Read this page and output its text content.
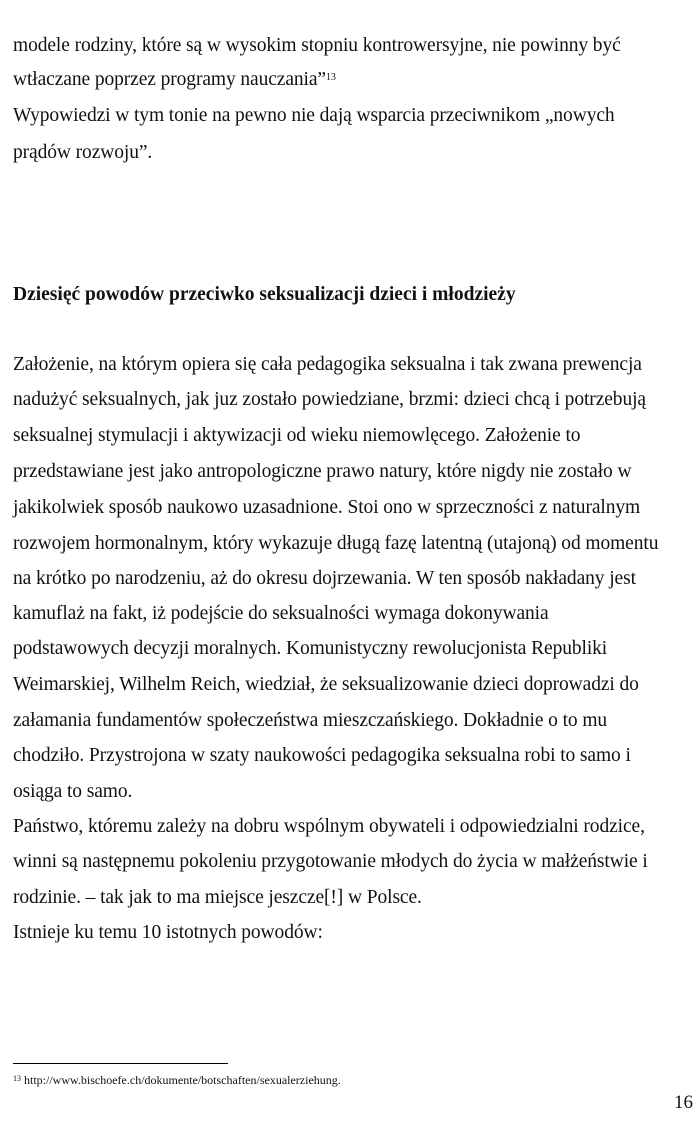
modele rodziny, które są w wysokim stopniu kontrowersyjne, nie powinny być
wtłaczane poprzez programy nauczania”$^{13}$
Wypowiedzi w tym tonie na pewno nie dają wsparcia przeciwnikom „nowych
prądów rozwoju”.
Dziesięć powodów przeciwko seksualizacji dzieci i młodzieży
Założenie, na którym opiera się cała pedagogika seksualna i tak zwana prewencja
nadużyć seksualnych, jak juz zostało powiedziane, brzmi: dzieci chcą i potrzebują
seksualnej stymulacji i aktywizacji od wieku niemowlęcego. Założenie to
przedstawiane jest jako antropologiczne prawo natury, które nigdy nie zostało w
jakikolwiek sposób naukowo uzasadnione. Stoi ono w sprzeczności z naturalnym
rozwojem hormonalnym, który wykazuje długą fazę latentną (utajoną) od momentu
na krótko po narodzeniu, aż do okresu dojrzewania. W ten sposób nakładany jest
kamuflaż na fakt, iż podejście do seksualności wymaga dokonywania
podstawowych decyzji moralnych. Komunistyczny rewolucjonista Republiki
Weimarskiej, Wilhelm Reich, wiedział, że seksualizowanie dzieci doprowadzi do
załamania fundamentów społeczeństwa mieszczańskiego. Dokładnie o to mu
chodziło. Przystrojona w szaty naukowości pedagogika seksualna robi to samo i
osiąga to samo.
Państwo, któremu zależy na dobru wspólnym obywateli i odpowiedzialni rodzice,
winni są następnemu pokoleniu przygotowanie młodych do życia w małżeństwie i
rodzinie. – tak jak to ma miejsce jeszcze[!] w Polsce.
Istnieje ku temu 10 istotnych powodów:
$^{13}$ http://www.bischoefe.ch/dokumente/botschaften/sexualerziehung.
16
